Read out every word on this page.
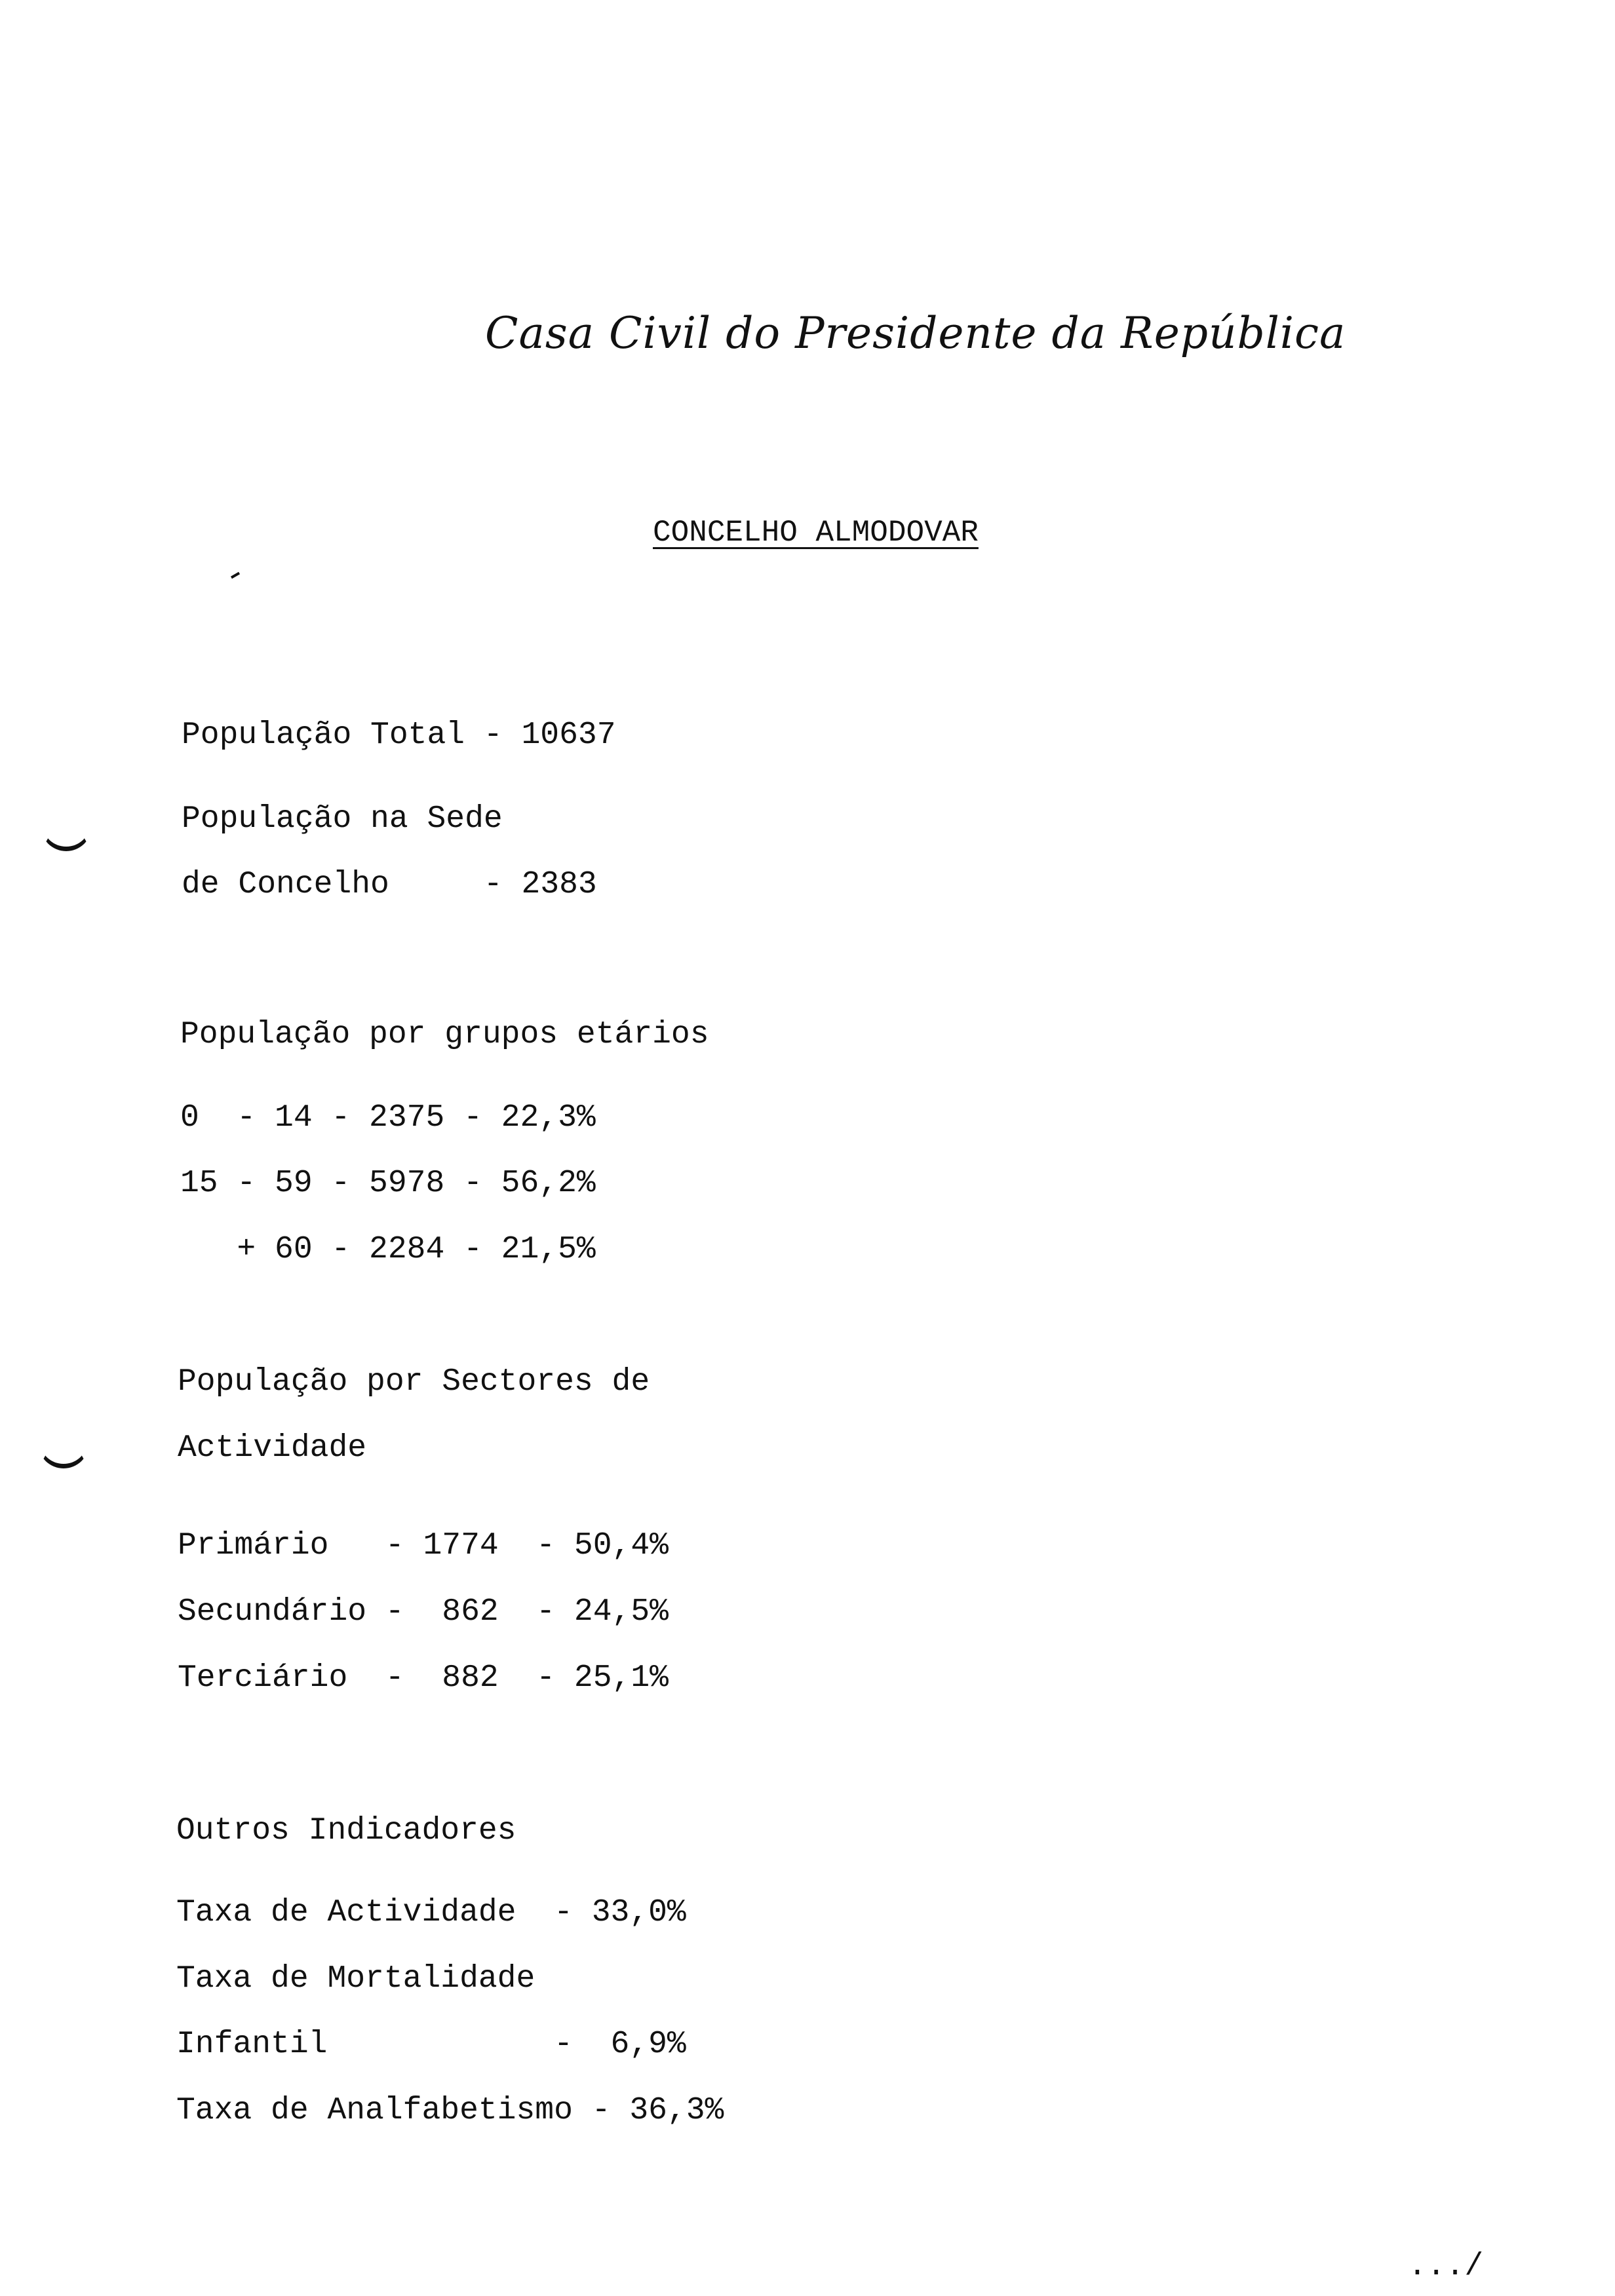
Casa Civil do Presidente da República
CONCELHO ALMODOVAR
População Total - 10637
População na Sede
de Concelho     - 2383
População por grupos etários
0  - 14 - 2375 - 22,3%
15 - 59 - 5978 - 56,2%
+ 60 - 2284 - 21,5%
População por Sectores de
Actividade
Primário   - 1774  - 50,4%
Secundário -  862  - 24,5%
Terciário  -  882  - 25,1%
Outros Indicadores
Taxa de Actividade  - 33,0%
Taxa de Mortalidade
Infantil            -  6,9%
Taxa de Analfabetismo - 36,3%
.../
